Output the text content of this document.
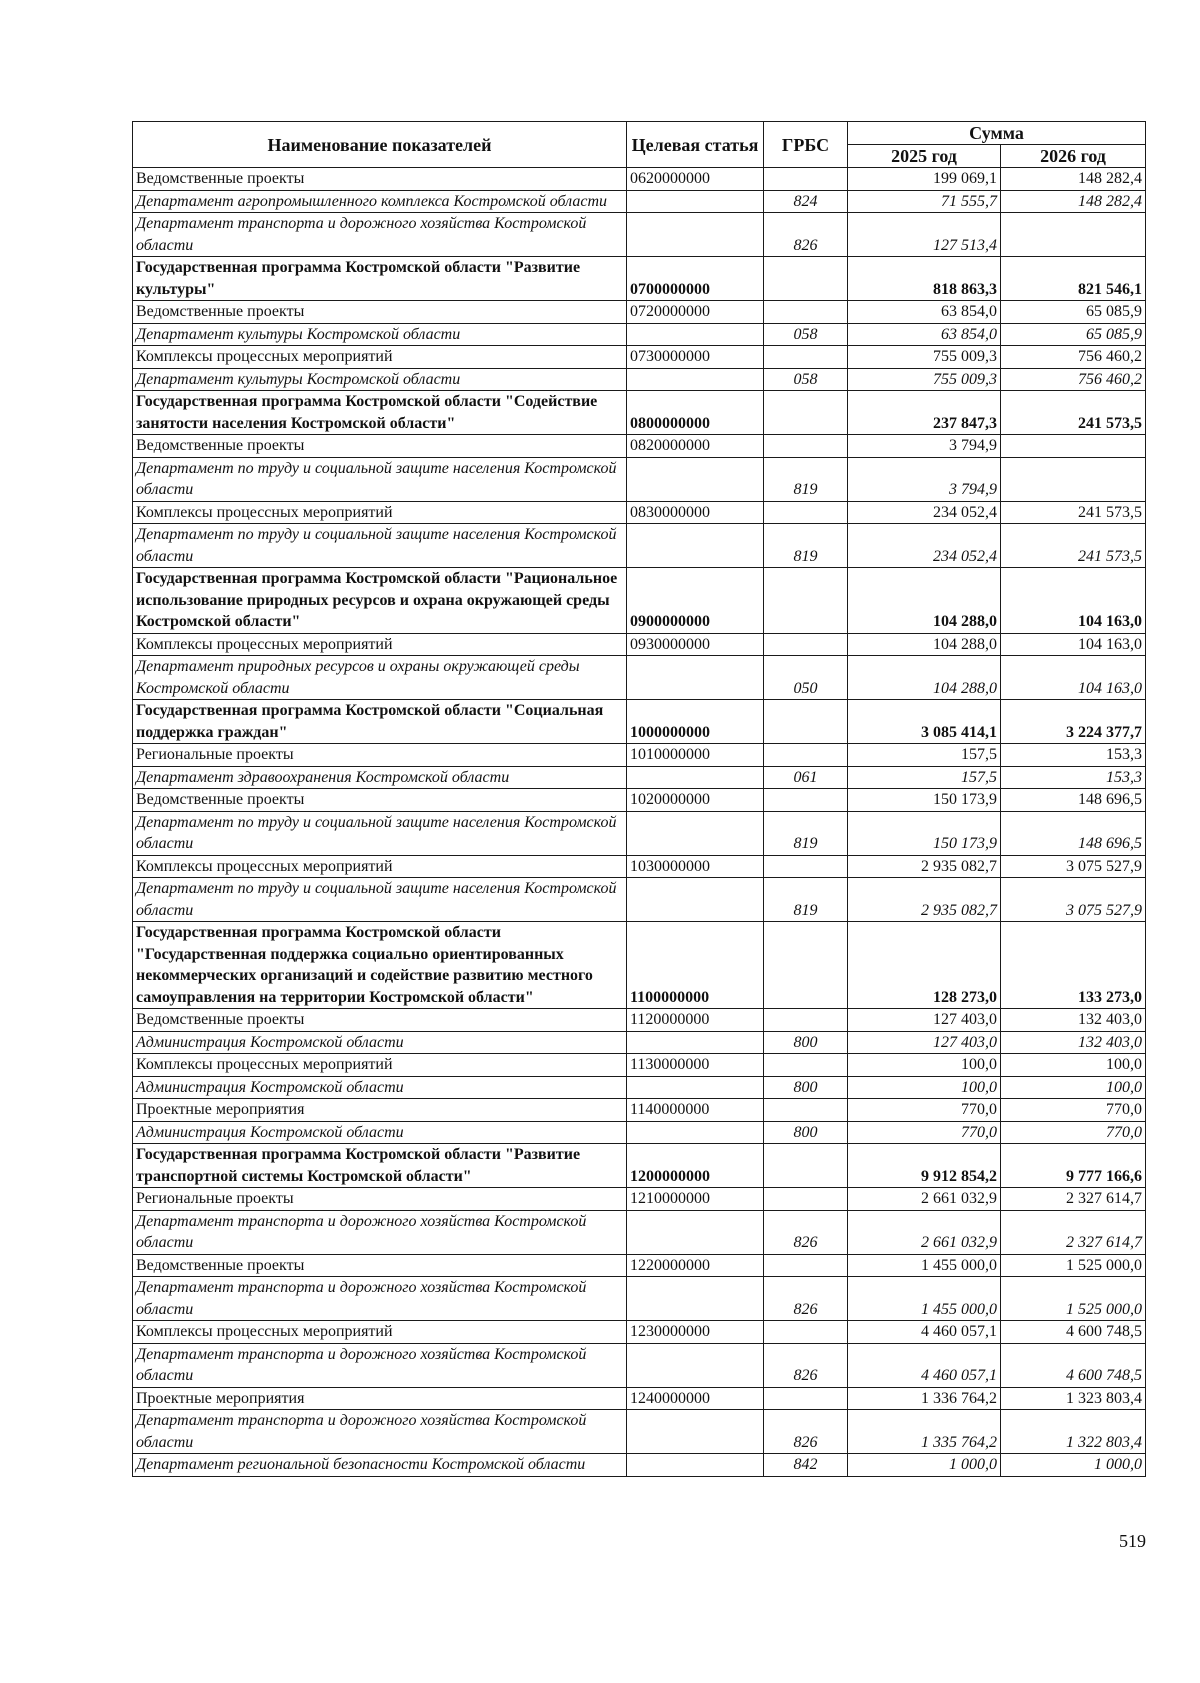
Наименование показателей	Целевая статья	ГРБС	Сумма	
			2025 год	2026 год
Ведомственные проекты	0620000000		199 069,1	148 282,4
Департамент агропромышленного комплекса Костромской области		824	71 555,7	148 282,4
Департамент транспорта и дорожного хозяйства Костромской области		826	127 513,4	
Государственная программа Костромской области "Развитие культуры"	0700000000		818 863,3	821 546,1
Ведомственные проекты	0720000000		63 854,0	65 085,9
Департамент культуры Костромской области		058	63 854,0	65 085,9
Комплексы процессных мероприятий	0730000000		755 009,3	756 460,2
Департамент культуры Костромской области		058	755 009,3	756 460,2
Государственная программа Костромской области "Содействие занятости населения Костромской области"	0800000000		237 847,3	241 573,5
Ведомственные проекты	0820000000		3 794,9	
Департамент по труду и социальной защите населения Костромской области		819	3 794,9	
Комплексы процессных мероприятий	0830000000		234 052,4	241 573,5
Департамент по труду и социальной защите населения Костромской области		819	234 052,4	241 573,5
Государственная программа Костромской области "Рациональное использование природных ресурсов и охрана окружающей среды Костромской области"	0900000000		104 288,0	104 163,0
Комплексы процессных мероприятий	0930000000		104 288,0	104 163,0
Департамент природных ресурсов и охраны окружающей среды Костромской области		050	104 288,0	104 163,0
Государственная программа Костромской области "Социальная поддержка граждан"	1000000000		3 085 414,1	3 224 377,7
Региональные проекты	1010000000		157,5	153,3
Департамент здравоохранения Костромской области		061	157,5	153,3
Ведомственные проекты	1020000000		150 173,9	148 696,5
Департамент по труду и социальной защите населения Костромской области		819	150 173,9	148 696,5
Комплексы процессных мероприятий	1030000000		2 935 082,7	3 075 527,9
Департамент по труду и социальной защите населения Костромской области		819	2 935 082,7	3 075 527,9
Государственная программа Костромской области "Государственная поддержка социально ориентированных некоммерческих организаций и содействие развитию местного самоуправления на территории Костромской области"	1100000000		128 273,0	133 273,0
Ведомственные проекты	1120000000		127 403,0	132 403,0
Администрация Костромской области		800	127 403,0	132 403,0
Комплексы процессных мероприятий	1130000000		100,0	100,0
Администрация Костромской области		800	100,0	100,0
Проектные мероприятия	1140000000		770,0	770,0
Администрация Костромской области		800	770,0	770,0
Государственная программа Костромской области "Развитие транспортной системы Костромской области"	1200000000		9 912 854,2	9 777 166,6
Региональные проекты	1210000000		2 661 032,9	2 327 614,7
Департамент транспорта и дорожного хозяйства Костромской области		826	2 661 032,9	2 327 614,7
Ведомственные проекты	1220000000		1 455 000,0	1 525 000,0
Департамент транспорта и дорожного хозяйства Костромской области		826	1 455 000,0	1 525 000,0
Комплексы процессных мероприятий	1230000000		4 460 057,1	4 600 748,5
Департамент транспорта и дорожного хозяйства Костромской области		826	4 460 057,1	4 600 748,5
Проектные мероприятия	1240000000		1 336 764,2	1 323 803,4
Департамент транспорта и дорожного хозяйства Костромской области		826	1 335 764,2	1 322 803,4
Департамент региональной безопасности Костромской области		842	1 000,0	1 000,0
519
